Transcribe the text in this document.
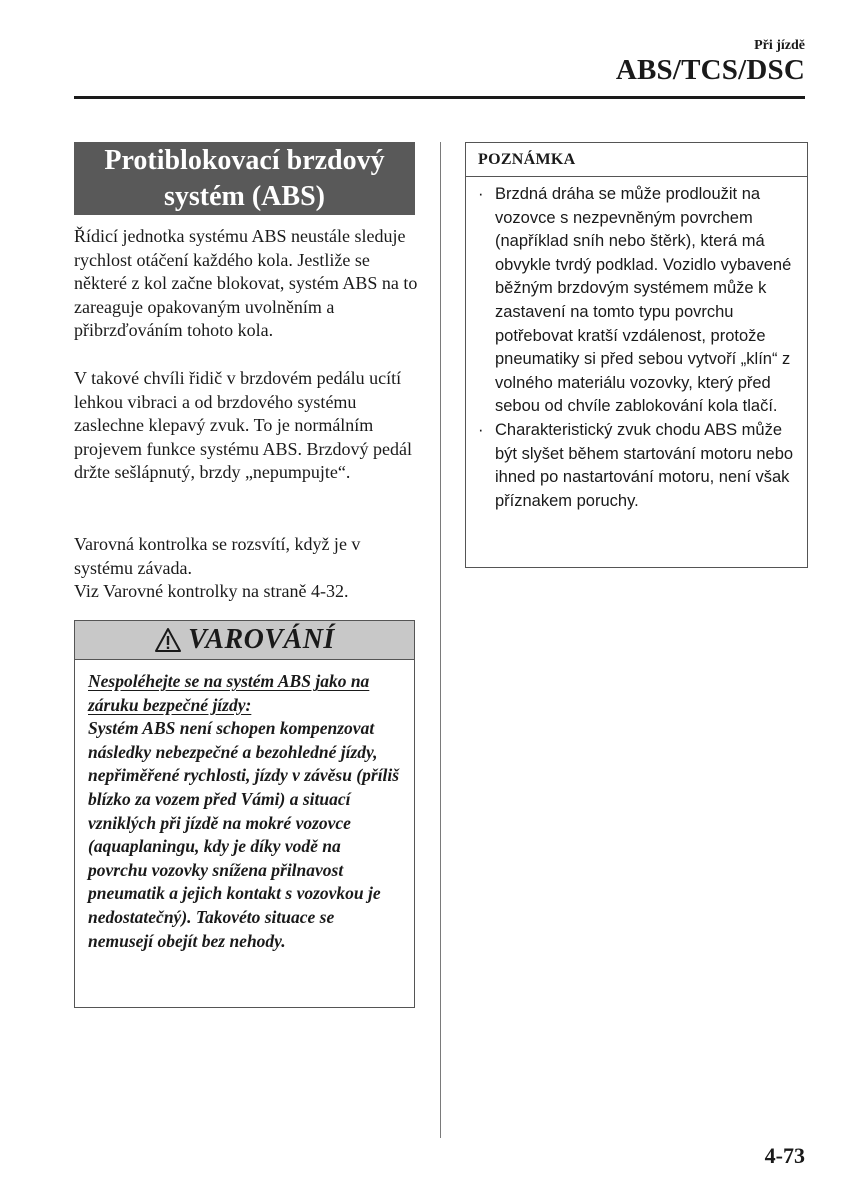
Při jízdě
ABS/TCS/DSC
Protiblokovací brzdový
systém (ABS)

Řídicí jednotka systému ABS neustále sleduje rychlost otáčení každého kola. Jestliže se některé z kol začne blokovat, systém ABS na to zareaguje opakovaným uvolněním a přibrzďováním tohoto kola.

V takové chvíli řidič v brzdovém pedálu ucítí lehkou vibraci a od brzdového systému zaslechne klepavý zvuk. To je normálním projevem funkce systému ABS. Brzdový pedál držte sešlápnutý, brzdy „nepumpujte“.

Varovná kontrolka se rozsvítí, když je v systému závada.

Viz Varovné kontrolky na straně 4-32.

VAROVÁNÍ
Nespoléhejte se na systém ABS jako na záruku bezpečné jízdy:
Systém ABS není schopen kompenzovat následky nebezpečné a bezohledné jízdy, nepřiměřené rychlosti, jízdy v závěsu (příliš blízko za vozem před Vámi) a situací vzniklých při jízdě na mokré vozovce (aquaplaningu, kdy je díky vodě na povrchu vozovky snížena přilnavost pneumatik a jejich kontakt s vozovkou je nedostatečný). Takovéto situace se nemusejí obejít bez nehody.
POZNÁMKA
· Brzdná dráha se může prodloužit na vozovce s nezpevněným povrchem (například sníh nebo štěrk), která má obvykle tvrdý podklad. Vozidlo vybavené běžným brzdovým systémem může k zastavení na tomto typu povrchu potřebovat kratší vzdálenost, protože pneumatiky si před sebou vytvoří „klín“ z volného materiálu vozovky, který před sebou od chvíle zablokování kola tlačí.
· Charakteristický zvuk chodu ABS může být slyšet během startování motoru nebo ihned po nastartování motoru, není však příznakem poruchy.
4-73
